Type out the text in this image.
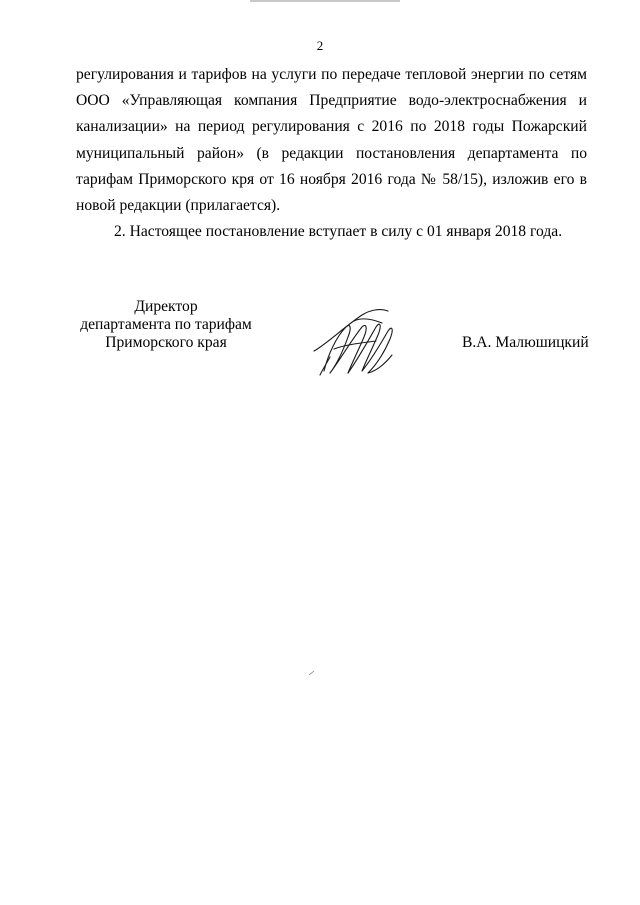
2

регулирования и тарифов на услуги по передаче тепловой энергии по сетям ООО «Управляющая компания Предприятие водо-электроснабжения и канализации» на период регулирования с 2016 по 2018 годы Пожарский муниципальный район» (в редакции постановления департамента по тарифам Приморского кря от 16 ноября 2016 года № 58/15), изложив его в новой редакции (прилагается).

2. Настоящее постановление вступает в силу с 01 января 2018 года.

Директор
департамента по тарифам
Приморского края	В.А. Малюшицкий
